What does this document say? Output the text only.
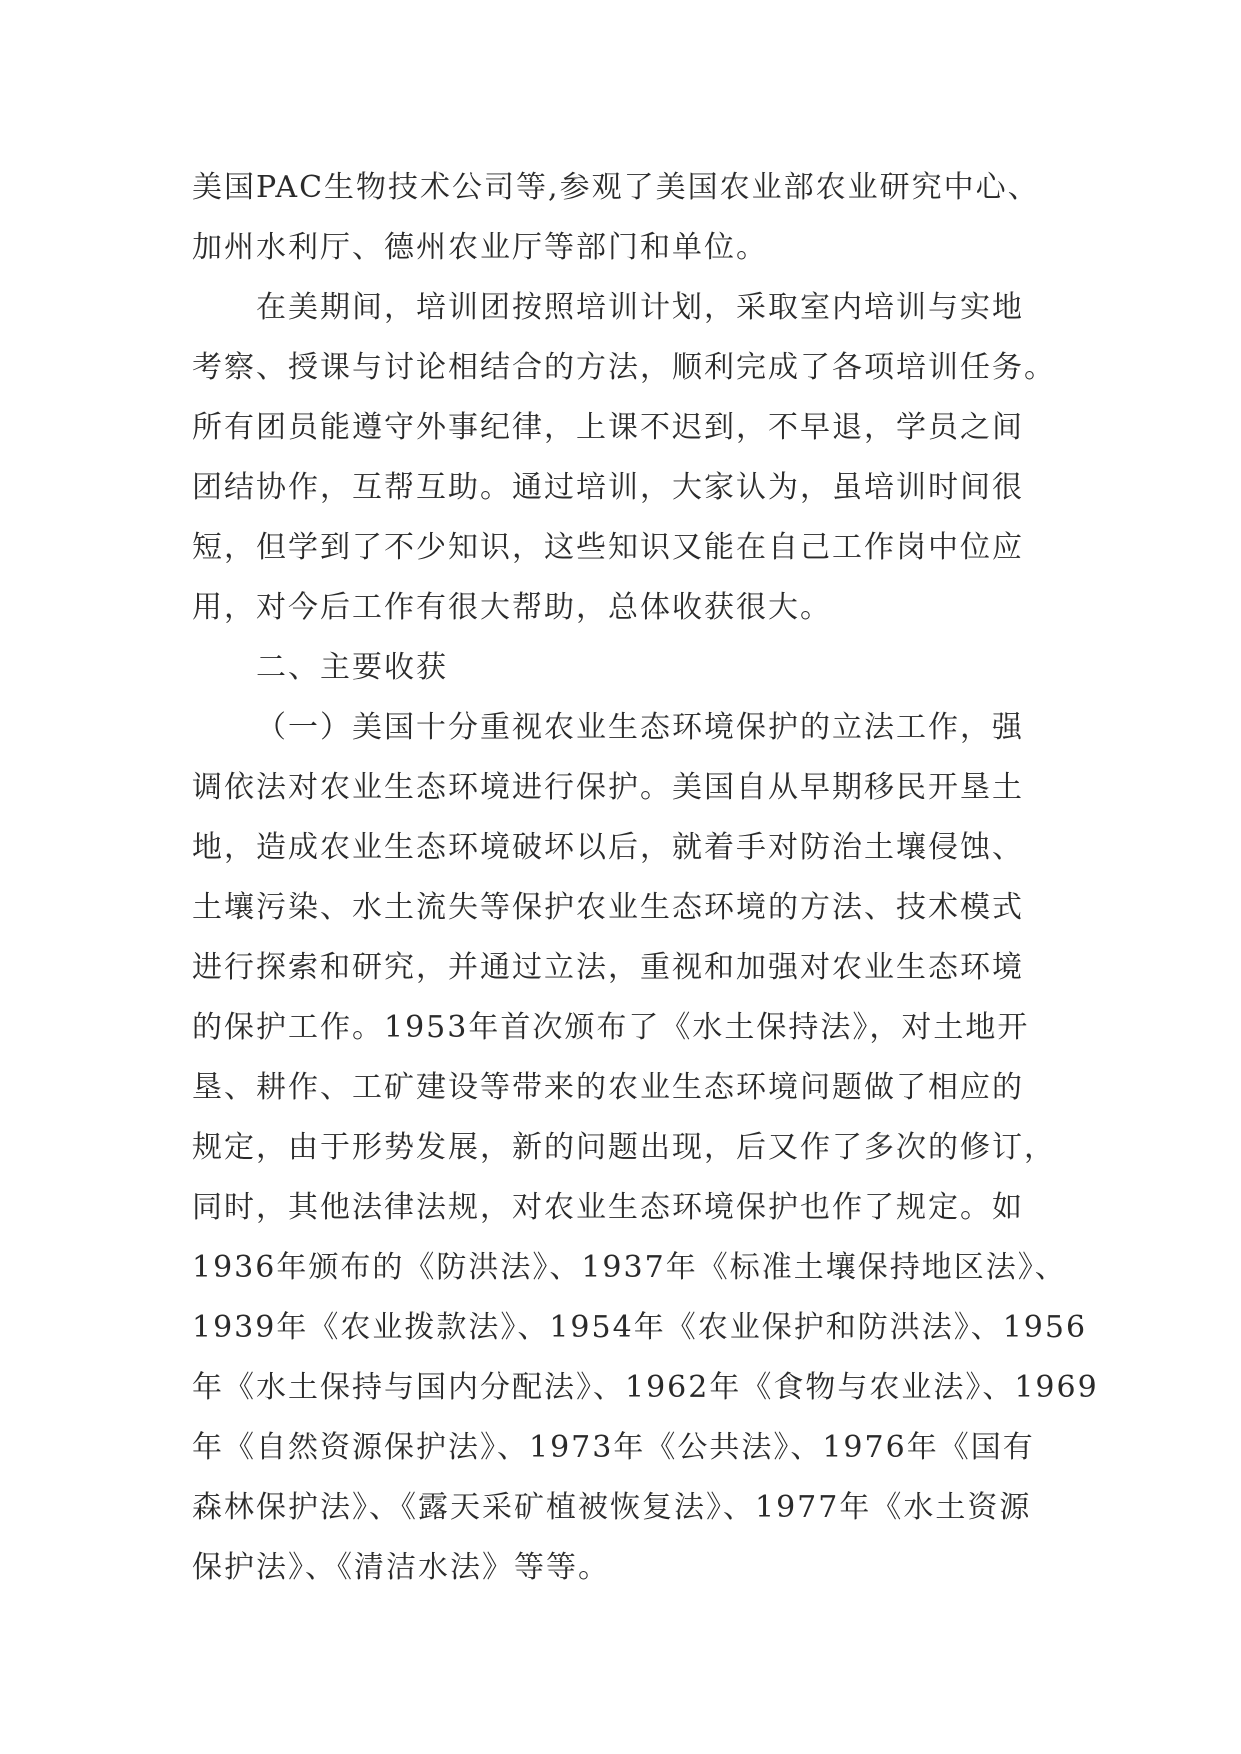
美国PAC生物技术公司等,参观了美国农业部农业研究中心、
加州水利厅、德州农业厅等部门和单位。
在美期间，培训团按照培训计划，采取室内培训与实地
考察、授课与讨论相结合的方法，顺利完成了各项培训任务。
所有团员能遵守外事纪律，上课不迟到，不早退，学员之间
团结协作，互帮互助。通过培训，大家认为，虽培训时间很
短，但学到了不少知识，这些知识又能在自己工作岗中位应
用，对今后工作有很大帮助，总体收获很大。
二、主要收获
（一）美国十分重视农业生态环境保护的立法工作，强
调依法对农业生态环境进行保护。美国自从早期移民开垦土
地，造成农业生态环境破坏以后，就着手对防治土壤侵蚀、
土壤污染、水土流失等保护农业生态环境的方法、技术模式
进行探索和研究，并通过立法，重视和加强对农业生态环境
的保护工作。1953年首次颁布了《水土保持法》，对土地开
垦、耕作、工矿建设等带来的农业生态环境问题做了相应的
规定，由于形势发展，新的问题出现，后又作了多次的修订，
同时，其他法律法规，对农业生态环境保护也作了规定。如
1936年颁布的《防洪法》、1937年《标准土壤保持地区法》、
1939年《农业拨款法》、1954年《农业保护和防洪法》、1956
年《水土保持与国内分配法》、1962年《食物与农业法》、1969
年《自然资源保护法》、1973年《公共法》、1976年《国有
森林保护法》、《露天采矿植被恢复法》、1977年《水土资源
保护法》、《清洁水法》等等。
